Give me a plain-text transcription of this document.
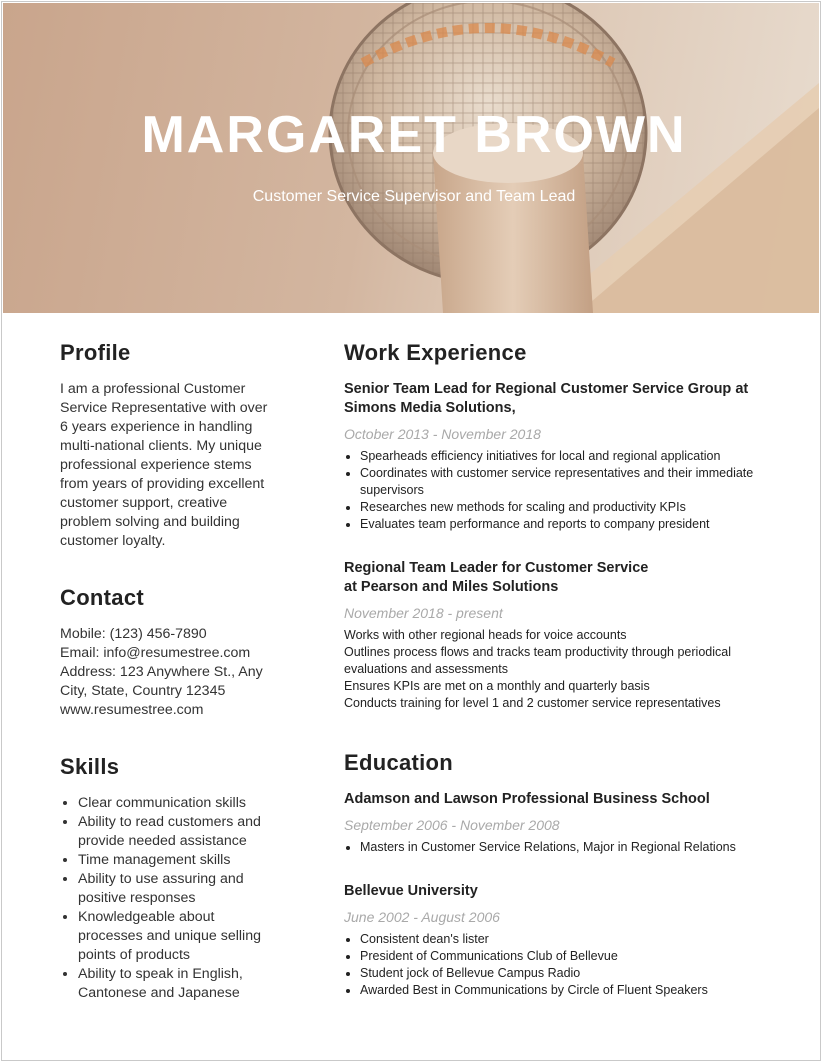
MARGARET BROWN
Customer Service Supervisor and Team Lead
Profile

I am a professional Customer Service Representative with over 6 years experience in handling multi-national clients. My unique professional experience stems from years of providing excellent customer support, creative problem solving and building customer loyalty.

Contact
Mobile: (123) 456-7890
Email: info@resumestree.com
Address: 123 Anywhere St., Any City, State, Country 12345
www.resumestree.com
Skills
• Clear communication skills
• Ability to read customers and provide needed assistance
• Time management skills
• Ability to use assuring and positive responses
• Knowledgeable about processes and unique selling points of products
• Ability to speak in English, Cantonese and Japanese
Work Experience
Senior Team Lead for Regional Customer Service Group at Simons Media Solutions,
October 2013 - November 2018
• Spearheads efficiency initiatives for local and regional application
• Coordinates with customer service representatives and their immediate supervisors
• Researches new methods for scaling and productivity KPIs
• Evaluates team performance and reports to company president
Regional Team Leader for Customer Service at Pearson and Miles Solutions
November 2018 - present
Works with other regional heads for voice accounts
Outlines process flows and tracks team productivity through periodical evaluations and assessments
Ensures KPIs are met on a monthly and quarterly basis
Conducts training for level 1 and 2 customer service representatives
Education
Adamson and Lawson Professional Business School
September 2006 - November 2008
• Masters in Customer Service Relations, Major in Regional Relations
Bellevue University
June 2002 - August 2006
• Consistent dean's lister
• President of Communications Club of Bellevue
• Student jock of Bellevue Campus Radio
• Awarded Best in Communications by Circle of Fluent Speakers
